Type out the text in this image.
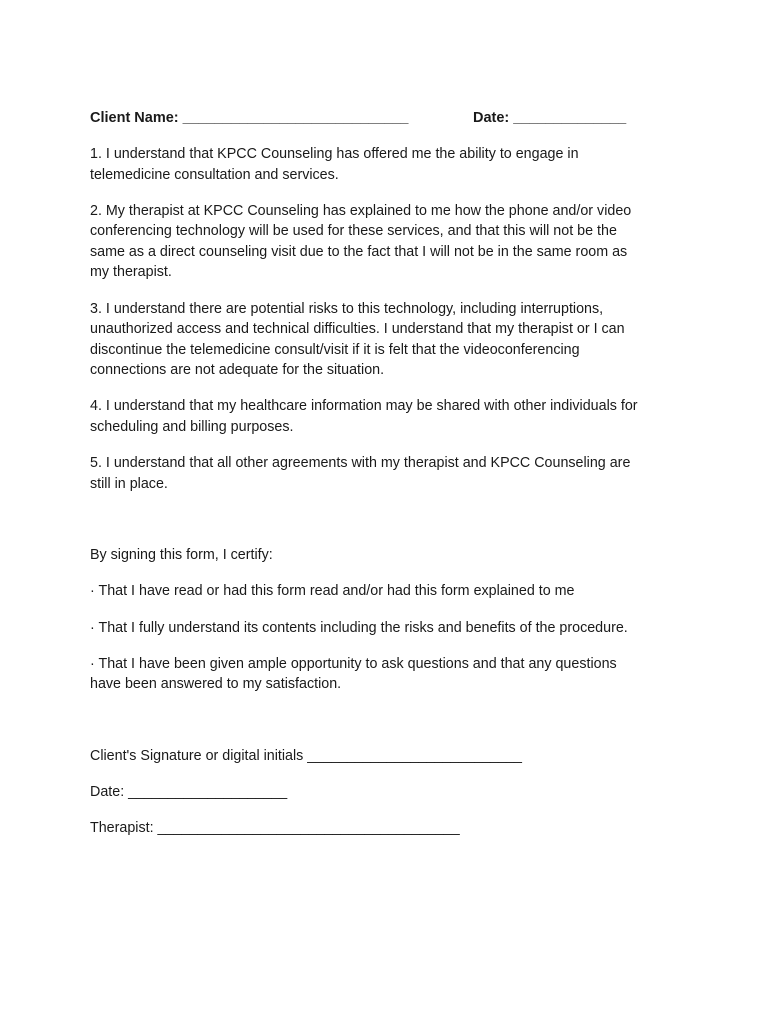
Client Name: ____________________________	Date: ______________
1. I understand that KPCC Counseling has offered me the ability to engage in
telemedicine consultation and services.
2. My therapist at KPCC Counseling has explained to me how the phone and/or video
conferencing technology will be used for these services, and that this will not be the
same as a direct counseling visit due to the fact that I will not be in the same room as
my therapist.
3. I understand there are potential risks to this technology, including interruptions,
unauthorized access and technical difficulties. I understand that my therapist or I can
discontinue the telemedicine consult/visit if it is felt that the videoconferencing
connections are not adequate for the situation.
4. I understand that my healthcare information may be shared with other individuals for
scheduling and billing purposes.
5. I understand that all other agreements with my therapist and KPCC Counseling are
still in place.
By signing this form, I certify:
· That I have read or had this form read and/or had this form explained to me
· That I fully understand its contents including the risks and benefits of the procedure.
· That I have been given ample opportunity to ask questions and that any questions
have been answered to my satisfaction.
Client's Signature or digital initials ___________________________
Date: ____________________
Therapist: ______________________________________
